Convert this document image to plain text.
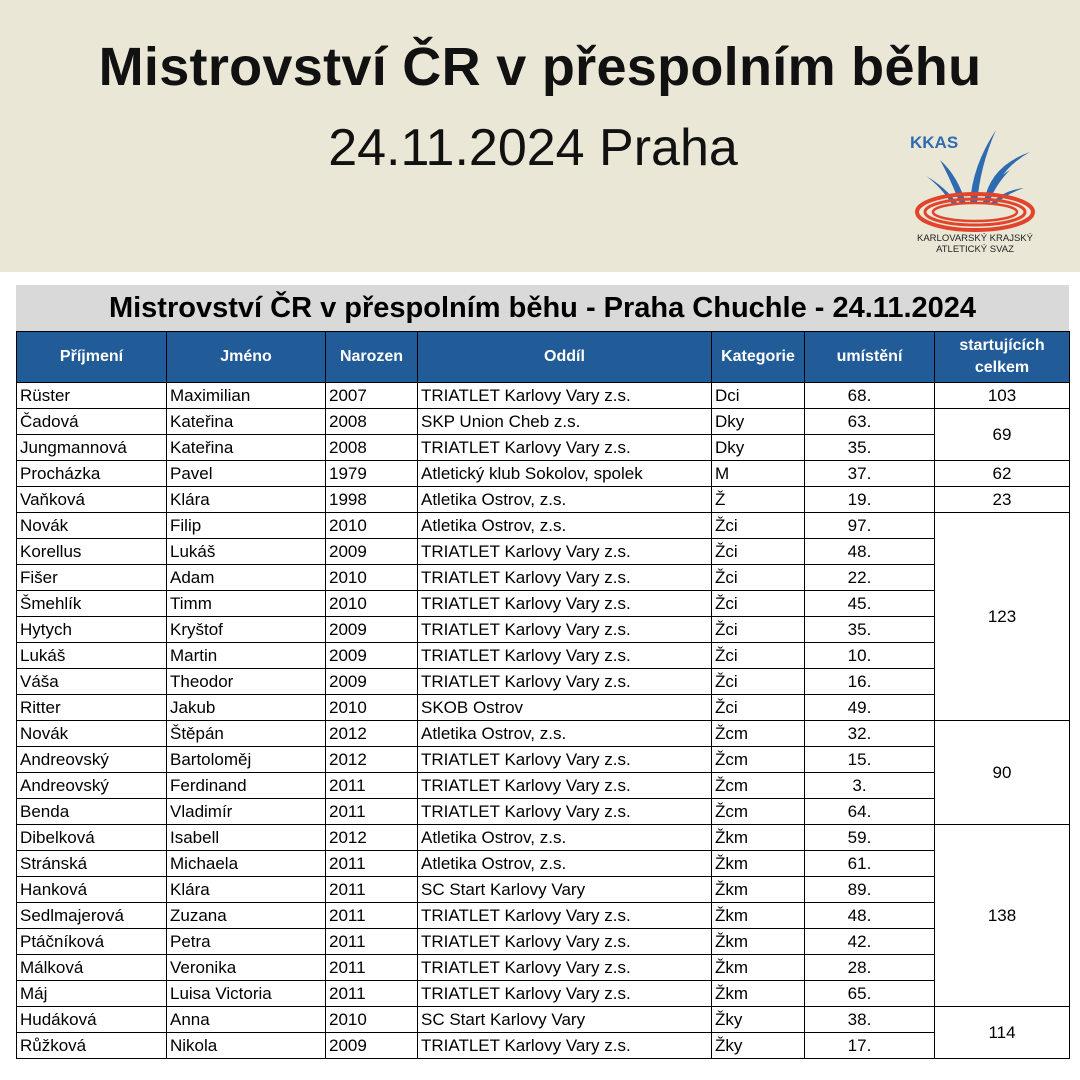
Mistrovství ČR v přespolním běhu
24.11.2024 Praha	KKAS
KARLOVARSKÝ KRAJSKÝ
ATLETICKÝ SVAZ
Mistrovství ČR v přespolním běhu - Praha Chuchle - 24.11.2024
Příjmení	Jméno	Narozen	Oddíl	Kategorie	umístění	startujících celkem
Rüster	Maximilian	2007	TRIATLET Karlovy Vary z.s.	Dci	68.	103
Čadová	Kateřina	2008	SKP Union Cheb z.s.	Dky	63.	69
Jungmannová	Kateřina	2008	TRIATLET Karlovy Vary z.s.	Dky	35.	
Procházka	Pavel	1979	Atletický klub Sokolov, spolek	M	37.	62
Vaňková	Klára	1998	Atletika Ostrov, z.s.	Ž	19.	23
Novák	Filip	2010	Atletika Ostrov, z.s.	Žci	97.	123
Korellus	Lukáš	2009	TRIATLET Karlovy Vary z.s.	Žci	48.	
Fišer	Adam	2010	TRIATLET Karlovy Vary z.s.	Žci	22.	
Šmehlík	Timm	2010	TRIATLET Karlovy Vary z.s.	Žci	45.	
Hytych	Kryštof	2009	TRIATLET Karlovy Vary z.s.	Žci	35.	
Lukáš	Martin	2009	TRIATLET Karlovy Vary z.s.	Žci	10.	
Váša	Theodor	2009	TRIATLET Karlovy Vary z.s.	Žci	16.	
Ritter	Jakub	2010	SKOB Ostrov	Žci	49.	
Novák	Štěpán	2012	Atletika Ostrov, z.s.	Žcm	32.	90
Andreovský	Bartoloměj	2012	TRIATLET Karlovy Vary z.s.	Žcm	15.	
Andreovský	Ferdinand	2011	TRIATLET Karlovy Vary z.s.	Žcm	3.	
Benda	Vladimír	2011	TRIATLET Karlovy Vary z.s.	Žcm	64.	
Dibelková	Isabell	2012	Atletika Ostrov, z.s.	Žkm	59.	138
Stránská	Michaela	2011	Atletika Ostrov, z.s.	Žkm	61.	
Hanková	Klára	2011	SC Start Karlovy Vary	Žkm	89.	
Sedlmajerová	Zuzana	2011	TRIATLET Karlovy Vary z.s.	Žkm	48.	
Ptáčníková	Petra	2011	TRIATLET Karlovy Vary z.s.	Žkm	42.	
Málková	Veronika	2011	TRIATLET Karlovy Vary z.s.	Žkm	28.	
Máj	Luisa Victoria	2011	TRIATLET Karlovy Vary z.s.	Žkm	65.	
Hudáková	Anna	2010	SC Start Karlovy Vary	Žky	38.	114
Růžková	Nikola	2009	TRIATLET Karlovy Vary z.s.	Žky	17.	
